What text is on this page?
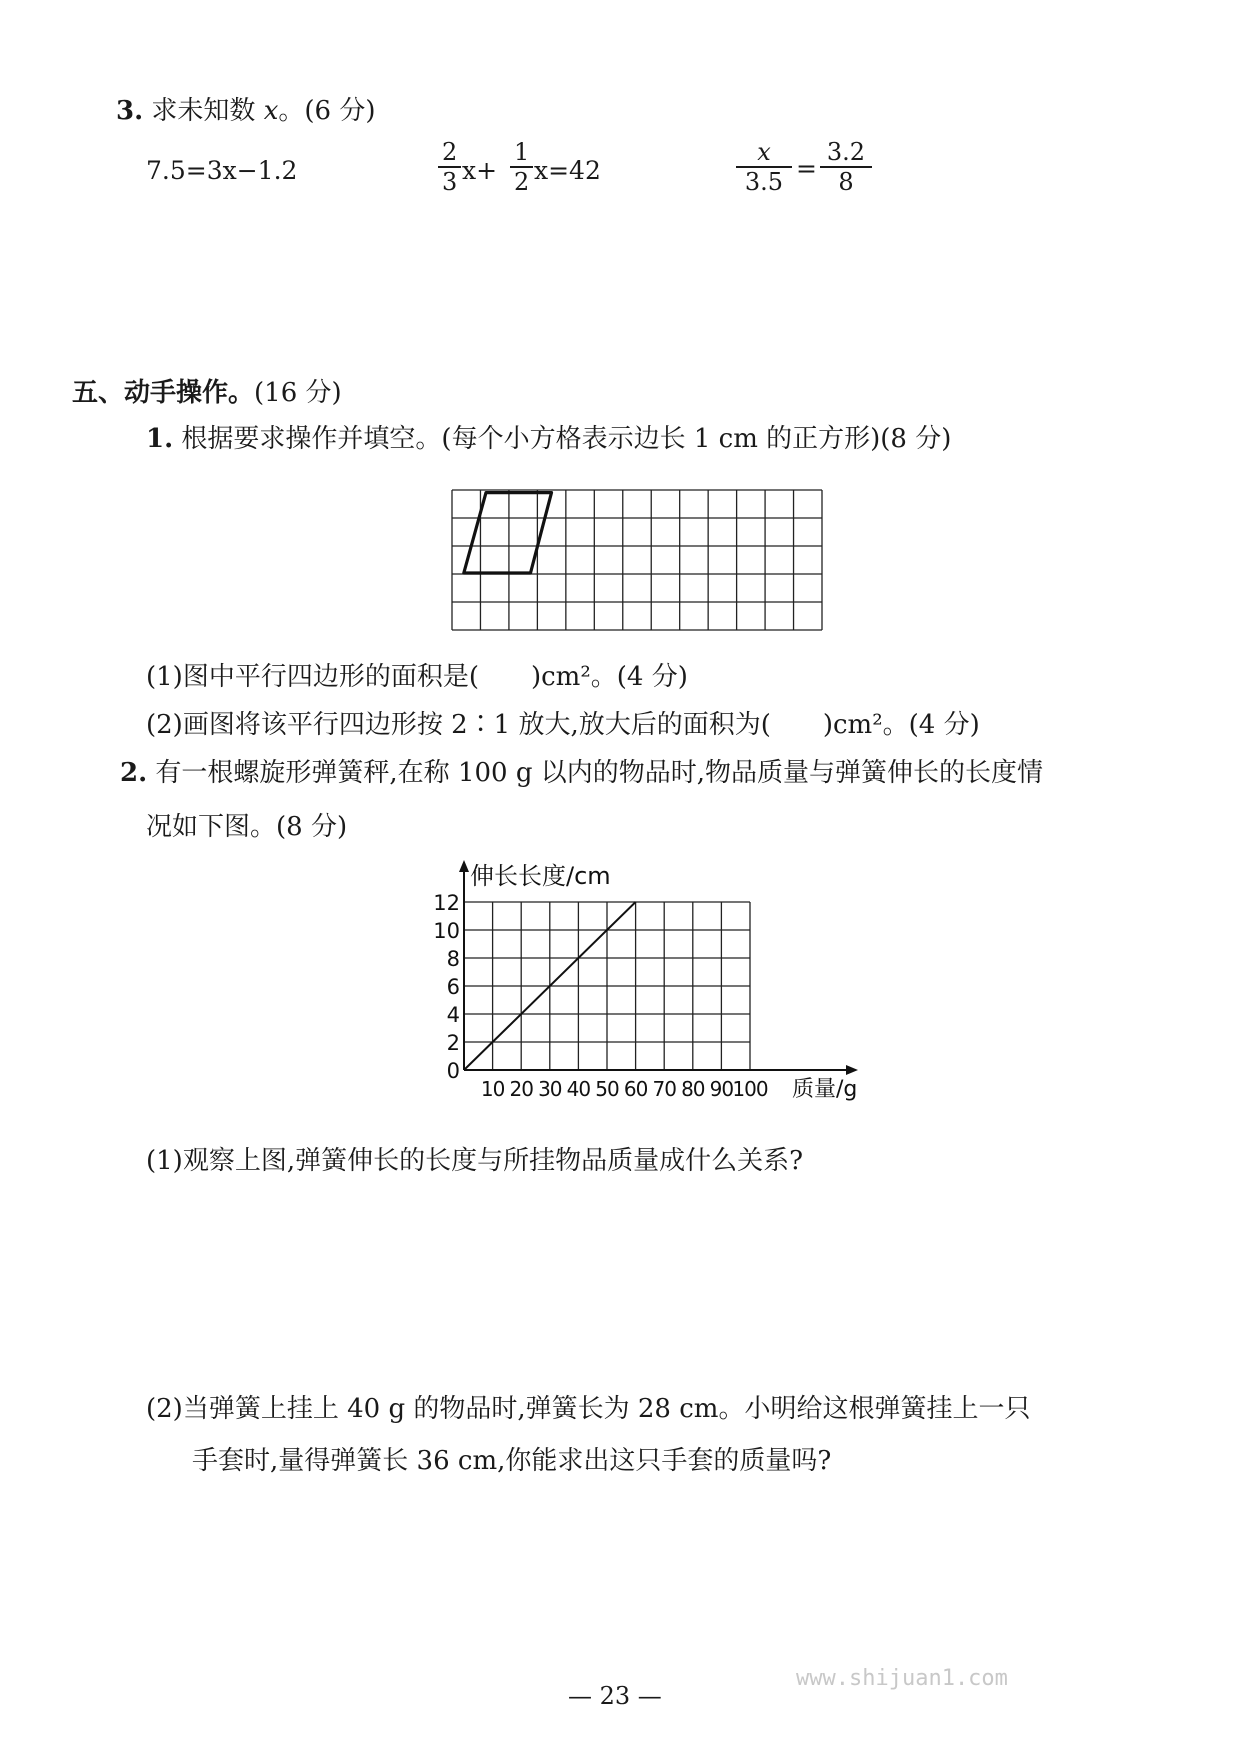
3. 求未知数 x。(6 分)
7.5=3x−1.2	$\frac{2}{3} x+ \frac{1}{2} x=42$	$\frac{x}{3.5} = \frac{3.2}{8}$
五、动手操作。(16 分)
1. 根据要求操作并填空。(每个小方格表示边长 1 cm 的正方形)(8 分)
(1)图中平行四边形的面积是(　　)cm²。(4 分)
(2)画图将该平行四边形按 2∶1 放大,放大后的面积为(　　)cm²。(4 分)
2. 有一根螺旋形弹簧秤,在称 100 g 以内的物品时,物品质量与弹簧伸长的长度情
况如下图。(8 分)
0
2
4
6
8
10
12
10 20 30 40 50 60 70 80 90 100
伸长长度/cm
质量/g
(1)观察上图,弹簧伸长的长度与所挂物品质量成什么关系?
(2)当弹簧上挂上 40 g 的物品时,弹簧长为 28 cm。小明给这根弹簧挂上一只
手套时,量得弹簧长 36 cm,你能求出这只手套的质量吗?
— 23 —
www.shijuan1.com
